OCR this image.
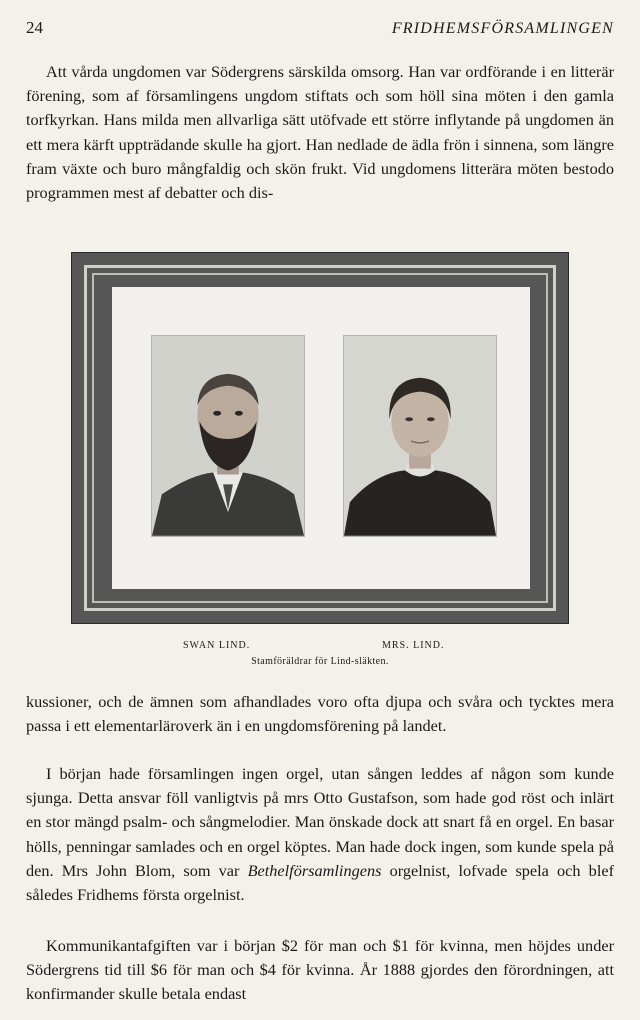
24	FRIDHEMSFÖRSAMLINGEN

Att vårda ungdomen var Södergrens särskilda omsorg. Han var ordförande i en litterär förening, som af församlingens ungdom stiftats och som höll sina möten i den gamla torfkyrkan. Hans milda men allvarliga sätt utöfvade ett större inflytande på ungdomen än ett mera kärft uppträdande skulle ha gjort. Han nedlade de ädla frön i sinnena, som längre fram växte och buro mångfaldig och skön frukt. Vid ungdomens litterära möten bestodo programmen mest af debatter och dis-

SWAN LIND.	MRS. LIND.
Stamföräldrar för Lind-släkten.

kussioner, och de ämnen som afhandlades voro ofta djupa och svåra och tycktes mera passa i ett elementarläroverk än i en ungdomsförening på landet.

I början hade församlingen ingen orgel, utan sången leddes af någon som kunde sjunga. Detta ansvar föll vanligtvis på mrs Otto Gustafson, som hade god röst och inlärt en stor mängd psalm- och sångmelodier. Man önskade dock att snart få en orgel. En basar hölls, penningar samlades och en orgel köptes. Man hade dock ingen, som kunde spela på den. Mrs John Blom, som var Bethelförsamlingens orgelnist, lofvade spela och blef således Fridhems första orgelnist.

Kommunikantafgiften var i början $2 för man och $1 för kvinna, men höjdes under Södergrens tid till $6 för man och $4 för kvinna. År 1888 gjordes den förordningen, att konfirmander skulle betala endast
